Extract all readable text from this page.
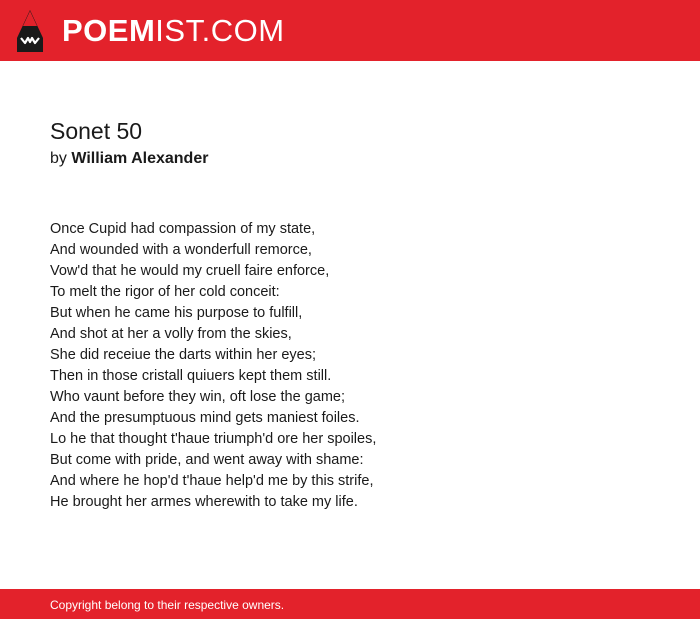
POEMIST.COM
Sonet 50
by William Alexander
Once Cupid had compassion of my state,
And wounded with a wonderfull remorce,
Vow'd that he would my cruell faire enforce,
To melt the rigor of her cold conceit:
But when he came his purpose to fulfill,
And shot at her a volly from the skies,
She did receiue the darts within her eyes;
Then in those cristall quiuers kept them still.
Who vaunt before they win, oft lose the game;
And the presumptuous mind gets maniest foiles.
Lo he that thought t'haue triumph'd ore her spoiles,
But come with pride, and went away with shame:
And where he hop'd t'haue help'd me by this strife,
He brought her armes wherewith to take my life.
Copyright belong to their respective owners.
